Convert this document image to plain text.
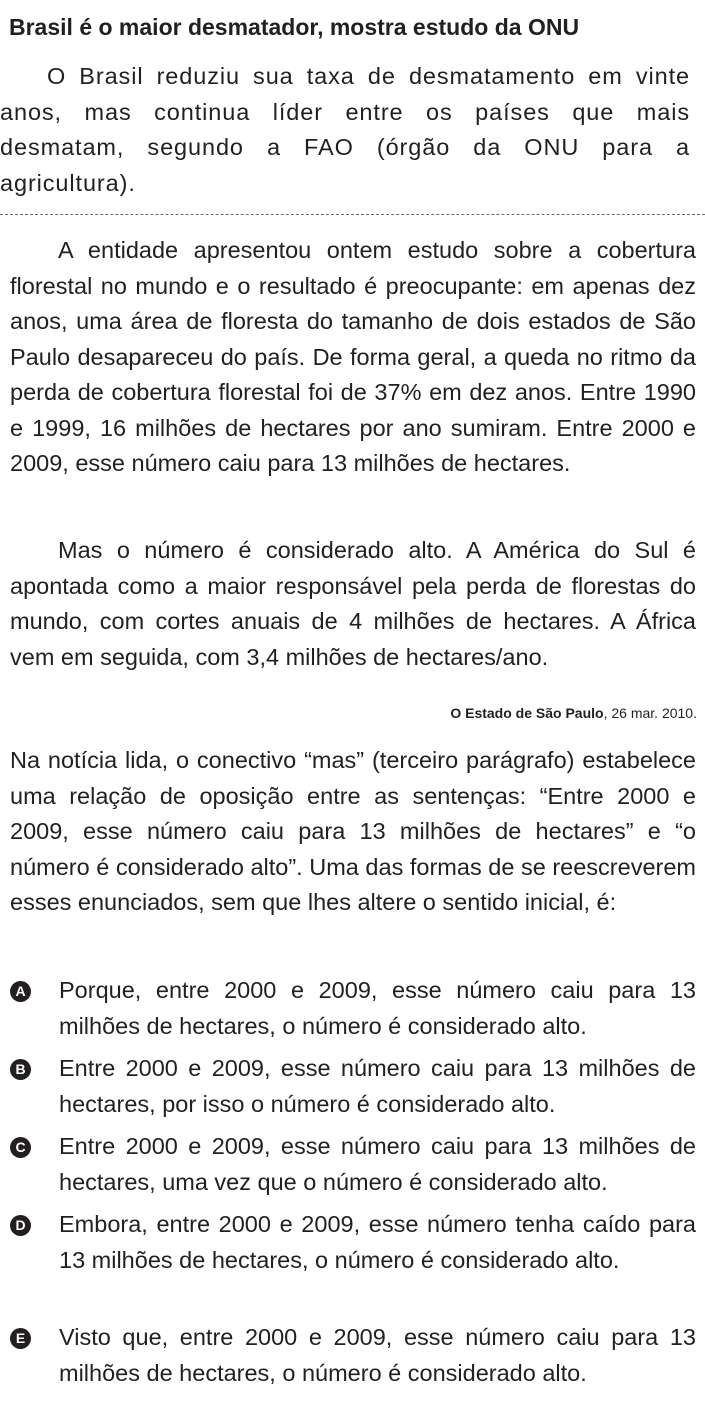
Brasil é o maior desmatador, mostra estudo da ONU

O Brasil reduziu sua taxa de desmatamento em vinte anos, mas continua líder entre os países que mais desmatam, segundo a FAO (órgão da ONU para a agricultura).

A entidade apresentou ontem estudo sobre a cobertura florestal no mundo e o resultado é preocupante: em apenas dez anos, uma área de floresta do tamanho de dois estados de São Paulo desapareceu do país. De forma geral, a queda no ritmo da perda de cobertura florestal foi de 37% em dez anos. Entre 1990 e 1999, 16 milhões de hectares por ano sumiram. Entre 2000 e 2009, esse número caiu para 13 milhões de hectares.

Mas o número é considerado alto. A América do Sul é apontada como a maior responsável pela perda de florestas do mundo, com cortes anuais de 4 milhões de hectares. A África vem em seguida, com 3,4 milhões de hectares/ano.

O Estado de São Paulo, 26 mar. 2010.

Na notícia lida, o conectivo “mas” (terceiro parágrafo) estabelece uma relação de oposição entre as sentenças: “Entre 2000 e 2009, esse número caiu para 13 milhões de hectares” e “o número é considerado alto”. Uma das formas de se reescreverem esses enunciados, sem que lhes altere o sentido inicial, é:

A Porque, entre 2000 e 2009, esse número caiu para 13 milhões de hectares, o número é considerado alto.

B Entre 2000 e 2009, esse número caiu para 13 milhões de hectares, por isso o número é considerado alto.

C Entre 2000 e 2009, esse número caiu para 13 milhões de hectares, uma vez que o número é considerado alto.

D Embora, entre 2000 e 2009, esse número tenha caído para 13 milhões de hectares, o número é considerado alto.

E Visto que, entre 2000 e 2009, esse número caiu para 13 milhões de hectares, o número é considerado alto.
